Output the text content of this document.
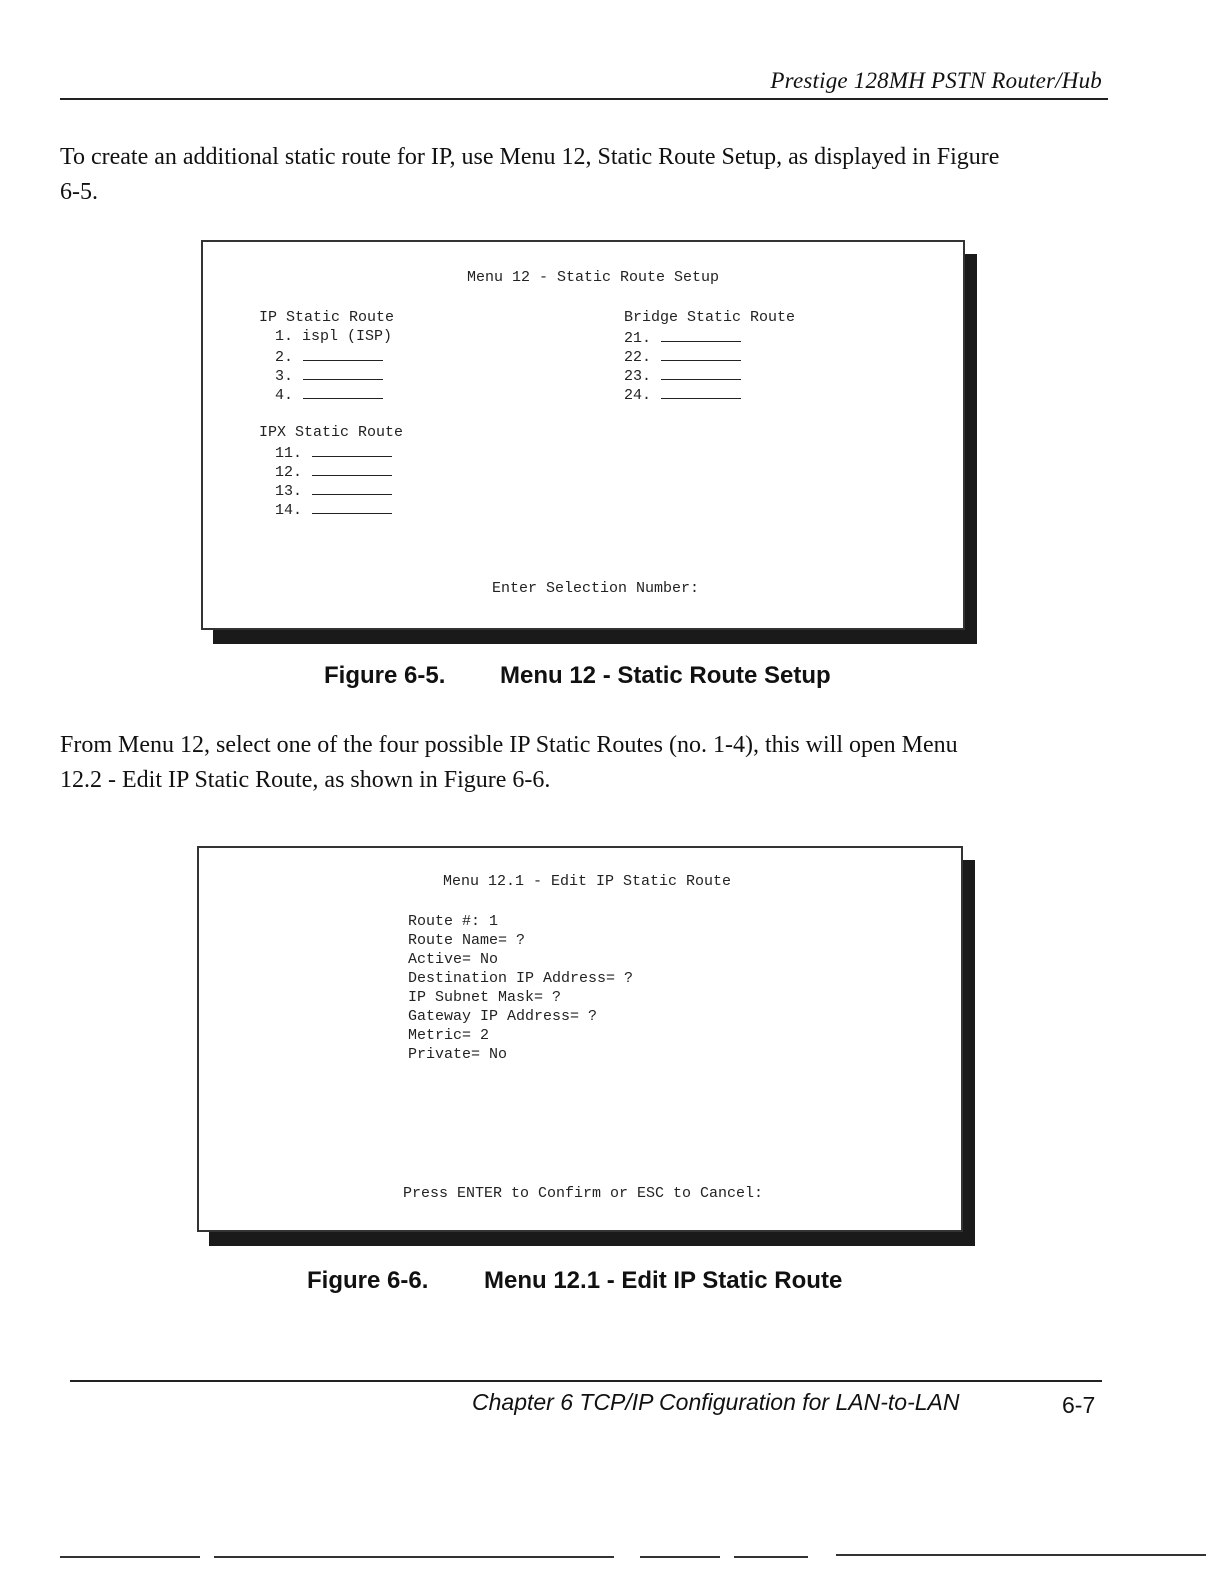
Prestige 128MH PSTN Router/Hub
To create an additional static route for IP, use Menu 12, Static Route Setup, as displayed in Figure
6-5.
Menu 12 - Static Route Setup
IP Static Route
1. ispl (ISP)
2.
3.
4.
Bridge Static Route
21.
22.
23.
24.
IPX Static Route
11.
12.
13.
14.
Enter Selection Number:
Figure 6-5. Menu 12 - Static Route Setup
From Menu 12, select one of the four possible IP Static Routes (no. 1-4), this will open Menu
12.2 - Edit IP Static Route, as shown in Figure 6-6.
Menu 12.1 - Edit IP Static Route
Route #: 1
Route Name= ?
Active= No
Destination IP Address= ?
IP Subnet Mask= ?
Gateway IP Address= ?
Metric= 2
Private= No
Press ENTER to Confirm or ESC to Cancel:
Figure 6-6. Menu 12.1 - Edit IP Static Route
Chapter 6 TCP/IP Configuration for LAN-to-LAN	6-7
